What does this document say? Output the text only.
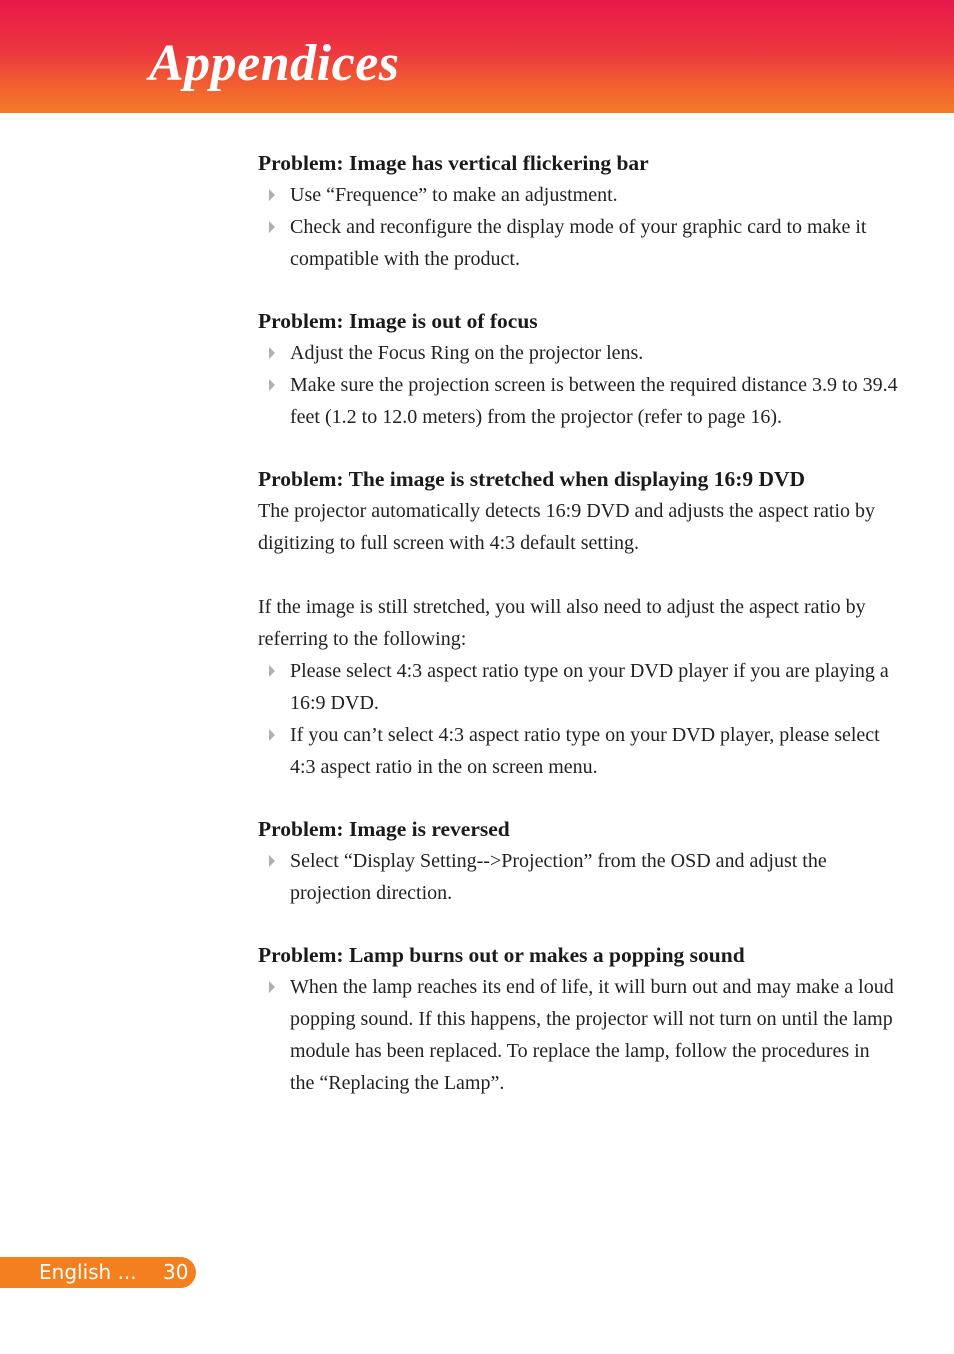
Appendices
Problem: Image has vertical flickering bar
Use “Frequence” to make an adjustment.
Check and reconfigure the display mode of your graphic card to make it compatible with the product.
Problem: Image is out of focus
Adjust the Focus Ring on the projector lens.
Make sure the projection screen is between the required distance 3.9 to 39.4 feet (1.2 to 12.0 meters) from the projector (refer to page 16).
Problem: The image is stretched when displaying 16:9 DVD

The projector automatically detects 16:9 DVD and adjusts the aspect ratio by digitizing to full screen with 4:3 default setting.

If the image is still stretched, you will also need to adjust the aspect ratio by referring to the following:

Please select 4:3 aspect ratio type on your DVD player if you are playing a 16:9 DVD.
If you can’t select 4:3 aspect ratio type on your DVD player, please select 4:3 aspect ratio in the on screen menu.
Problem: Image is reversed
Select “Display Setting-->Projection” from the OSD and adjust the projection direction.
Problem: Lamp burns out or makes a popping sound
When the lamp reaches its end of life, it will burn out and may make a loud popping sound. If this happens, the projector will not turn on until the lamp module has been replaced. To replace the lamp, follow the procedures in the “Replacing the Lamp”.
English ... 30
